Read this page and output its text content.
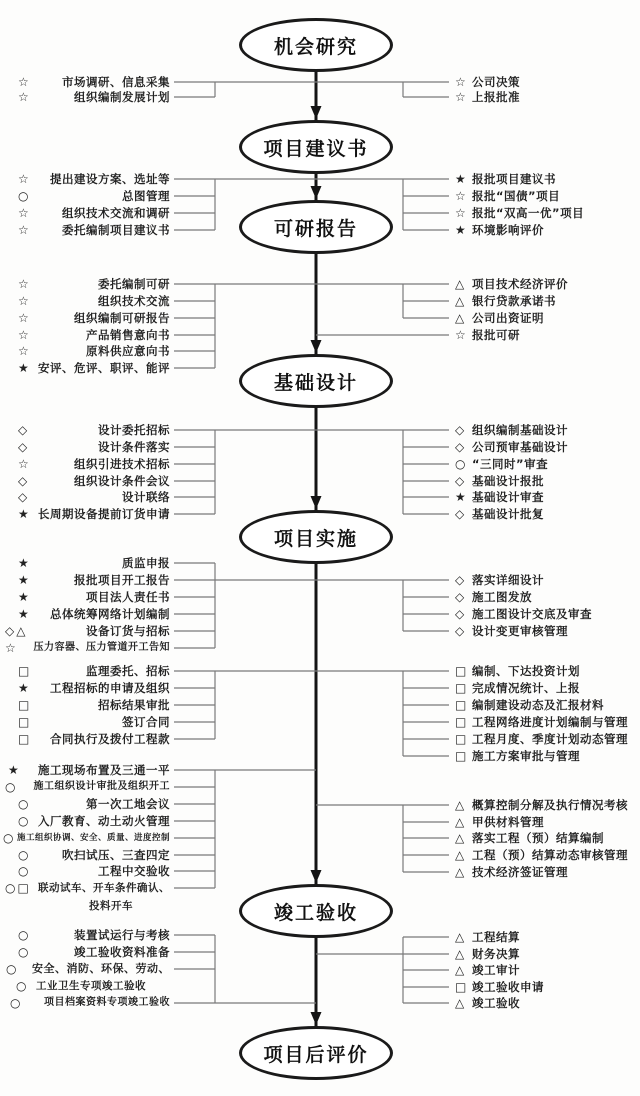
机会研究
项目建议书
可研报告
基础设计
项目实施
竣工验收
项目后评价
☆	市场调研、信息采集
☆	组织编制发展计划
☆ 公司决策
☆ 上报批准
☆ 提出建设方案、选址等
○	总图管理
☆	组织技术交流和调研
☆	委托编制项目建议书
★ 报批项目建议书
☆ 报批“国债”项目
☆ 报批“双高一优”项目
★ 环境影响评价
☆	委托编制可研
☆	组织技术交流
☆	组织编制可研报告
☆	产品销售意向书
☆	原料供应意向书
★ 安评、危评、职评、能评
△ 项目技术经济评价
△ 银行贷款承诺书
△ 公司出资证明
☆ 报批可研
◇	设计委托招标
◇	设计条件落实
☆	组织引进技术招标
◇	组织设计条件会议
◇	设计联络
★ 长周期设备提前订货申请
◇ 组织编制基础设计
◇ 公司预审基础设计
○ “三同时”审查
◇ 基础设计报批
★ 基础设计审查
◇ 基础设计批复
★	质监申报
★	报批项目开工报告
★	项目法人责任书
★ 总体统筹网络计划编制
◇△	设备订货与招标
☆ 压力容器、压力管道开工告知
◇ 落实详细设计
◇ 施工图发放
◇ 施工图设计交底及审查
◇ 设计变更审核管理
□	监理委托、招标
★ 工程招标的申请及组织
□	招标结果审批
□	签订合同
□ 合同执行及拨付工程款
□ 编制、下达投资计划
□ 完成情况统计、上报
□ 编制建设动态及汇报材料
□ 工程网络进度计划编制与管理
□ 工程月度、季度计划动态管理
□ 施工方案审批与管理
★ 施工现场布置及三通一平
○ 施工组织设计审批及组织开工
○	第一次工地会议
○ 入厂教育、动土动火管理
○ 施工组织协调、安全、质量、进度控制
○	吹扫试压、三查四定
○	工程中交验收
○□ 联动试车、开车条件确认、
投料开车
△ 概算控制分解及执行情况考核
△ 甲供材料管理
△ 落实工程（预）结算编制
△ 工程（预）结算动态审核管理
△ 技术经济签证管理
○	装置试运行与考核
○	竣工验收资料准备
○ 安全、消防、环保、劳动、
○ 工业卫生专项竣工验收
○ 项目档案资料专项竣工验收
△ 工程结算
△ 财务决算
△ 竣工审计
□ 竣工验收申请
△ 竣工验收
